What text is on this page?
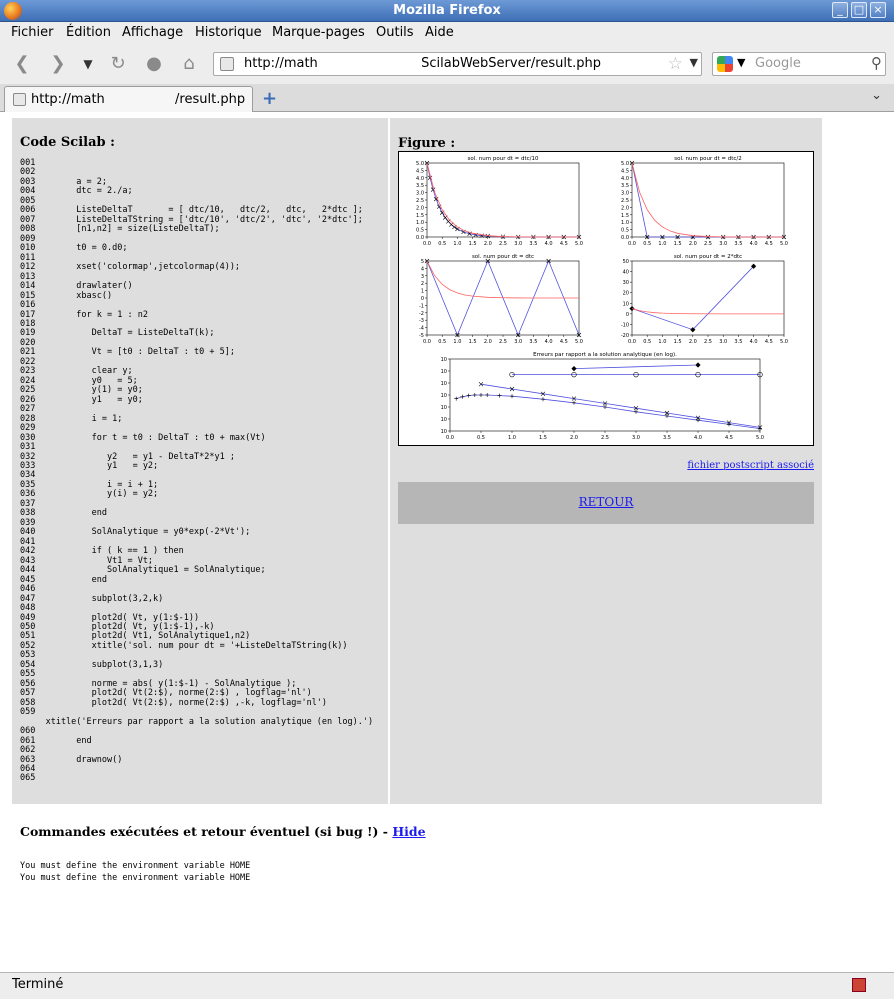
Mozilla Firefox	_	□ ×
Fichier Édition Affichage Historique Marque-pages Outils Aide
❮ ❯	▼ ↻ ●	⌂	http://math                         ScilabWebServer/result.php	☆ ▼	▼ Google	⚲
http://math                 /result.php +	⌄
Code Scilab :
001
002
003        a = 2;
004        dtc = 2./a;
005
006        ListeDeltaT       = [ dtc/10,   dtc/2,   dtc,   2*dtc ];
007        ListeDeltaTString = ['dtc/10', 'dtc/2', 'dtc', '2*dtc'];
008        [n1,n2] = size(ListeDeltaT);
009
010        t0 = 0.d0;
011
012        xset('colormap',jetcolormap(4));
013
014        drawlater()
015        xbasc()
016
017        for k = 1 : n2
018
019           DeltaT = ListeDeltaT(k);
020
021           Vt = [t0 : DeltaT : t0 + 5];
022
023           clear y;
024           y0   = 5;
025           y(1) = y0;
026           y1   = y0;
027
028           i = 1;
029
030           for t = t0 : DeltaT : t0 + max(Vt)
031
032              y2   = y1 - DeltaT*2*y1 ;
033              y1   = y2;
034
035              i = i + 1;
036              y(i) = y2;
037
038           end
039
040           SolAnalytique = y0*exp(-2*Vt');
041
042           if ( k == 1 ) then
043              Vt1 = Vt;
044              SolAnalytique1 = SolAnalytique;
045           end
046
047           subplot(3,2,k)
048
049           plot2d( Vt, y(1:$-1))
050           plot2d( Vt, y(1:$-1),-k)
051           plot2d( Vt1, SolAnalytique1,n2)
052           xtitle('sol. num pour dt = '+ListeDeltaTString(k))
053
054           subplot(3,1,3)
055
056           norme = abs( y(1:$-1) - SolAnalytique );
057           plot2d( Vt(2:$), norme(2:$) , logflag='nl')
058           plot2d( Vt(2:$), norme(2:$) ,-k, logflag='nl')
059
xtitle('Erreurs par rapport a la solution analytique (en log).')
060
061        end
062
063        drawnow()
064
065
Figure :
sol. num pour dt = dtc/10
0.0 0.5 1.0 1.5 2.0 2.5 3.0 3.5 4.0 4.5 5.0
0.0
0.5
1.0
1.5
2.0
2.5
3.0
3.5
4.0
4.5
5.0
sol. num pour dt = dtc/2
0.0 0.5 1.0 1.5 2.0 2.5 3.0 3.5 4.0 4.5 5.0
0.0
0.5
1.0
1.5
2.0
2.5
3.0
3.5
4.0
4.5
5.0
sol. num pour dt = dtc
0.0 0.5 1.0 1.5 2.0 2.5 3.0 3.5 4.0 4.5 5.0
-5
-4
-3
-2
-1
0
1
2
3
4
5
sol. num pour dt = 2*dtc
0.0 0.5 1.0 1.5 2.0 2.5 3.0 3.5 4.0 4.5 5.0
-20
-10
0
10
20
30
40
50
Erreurs par rapport a la solution analytique (en log).
0.0	0.5	1.0	1.5	2.0	2.5	3.0	3.5	4.0	4.5	5.0
10
10
10
10
10
10
10
fichier postscript associé
RETOUR
Commandes exécutées et retour éventuel (si bug !) - Hide
You must define the environment variable HOME
You must define the environment variable HOME
Terminé
